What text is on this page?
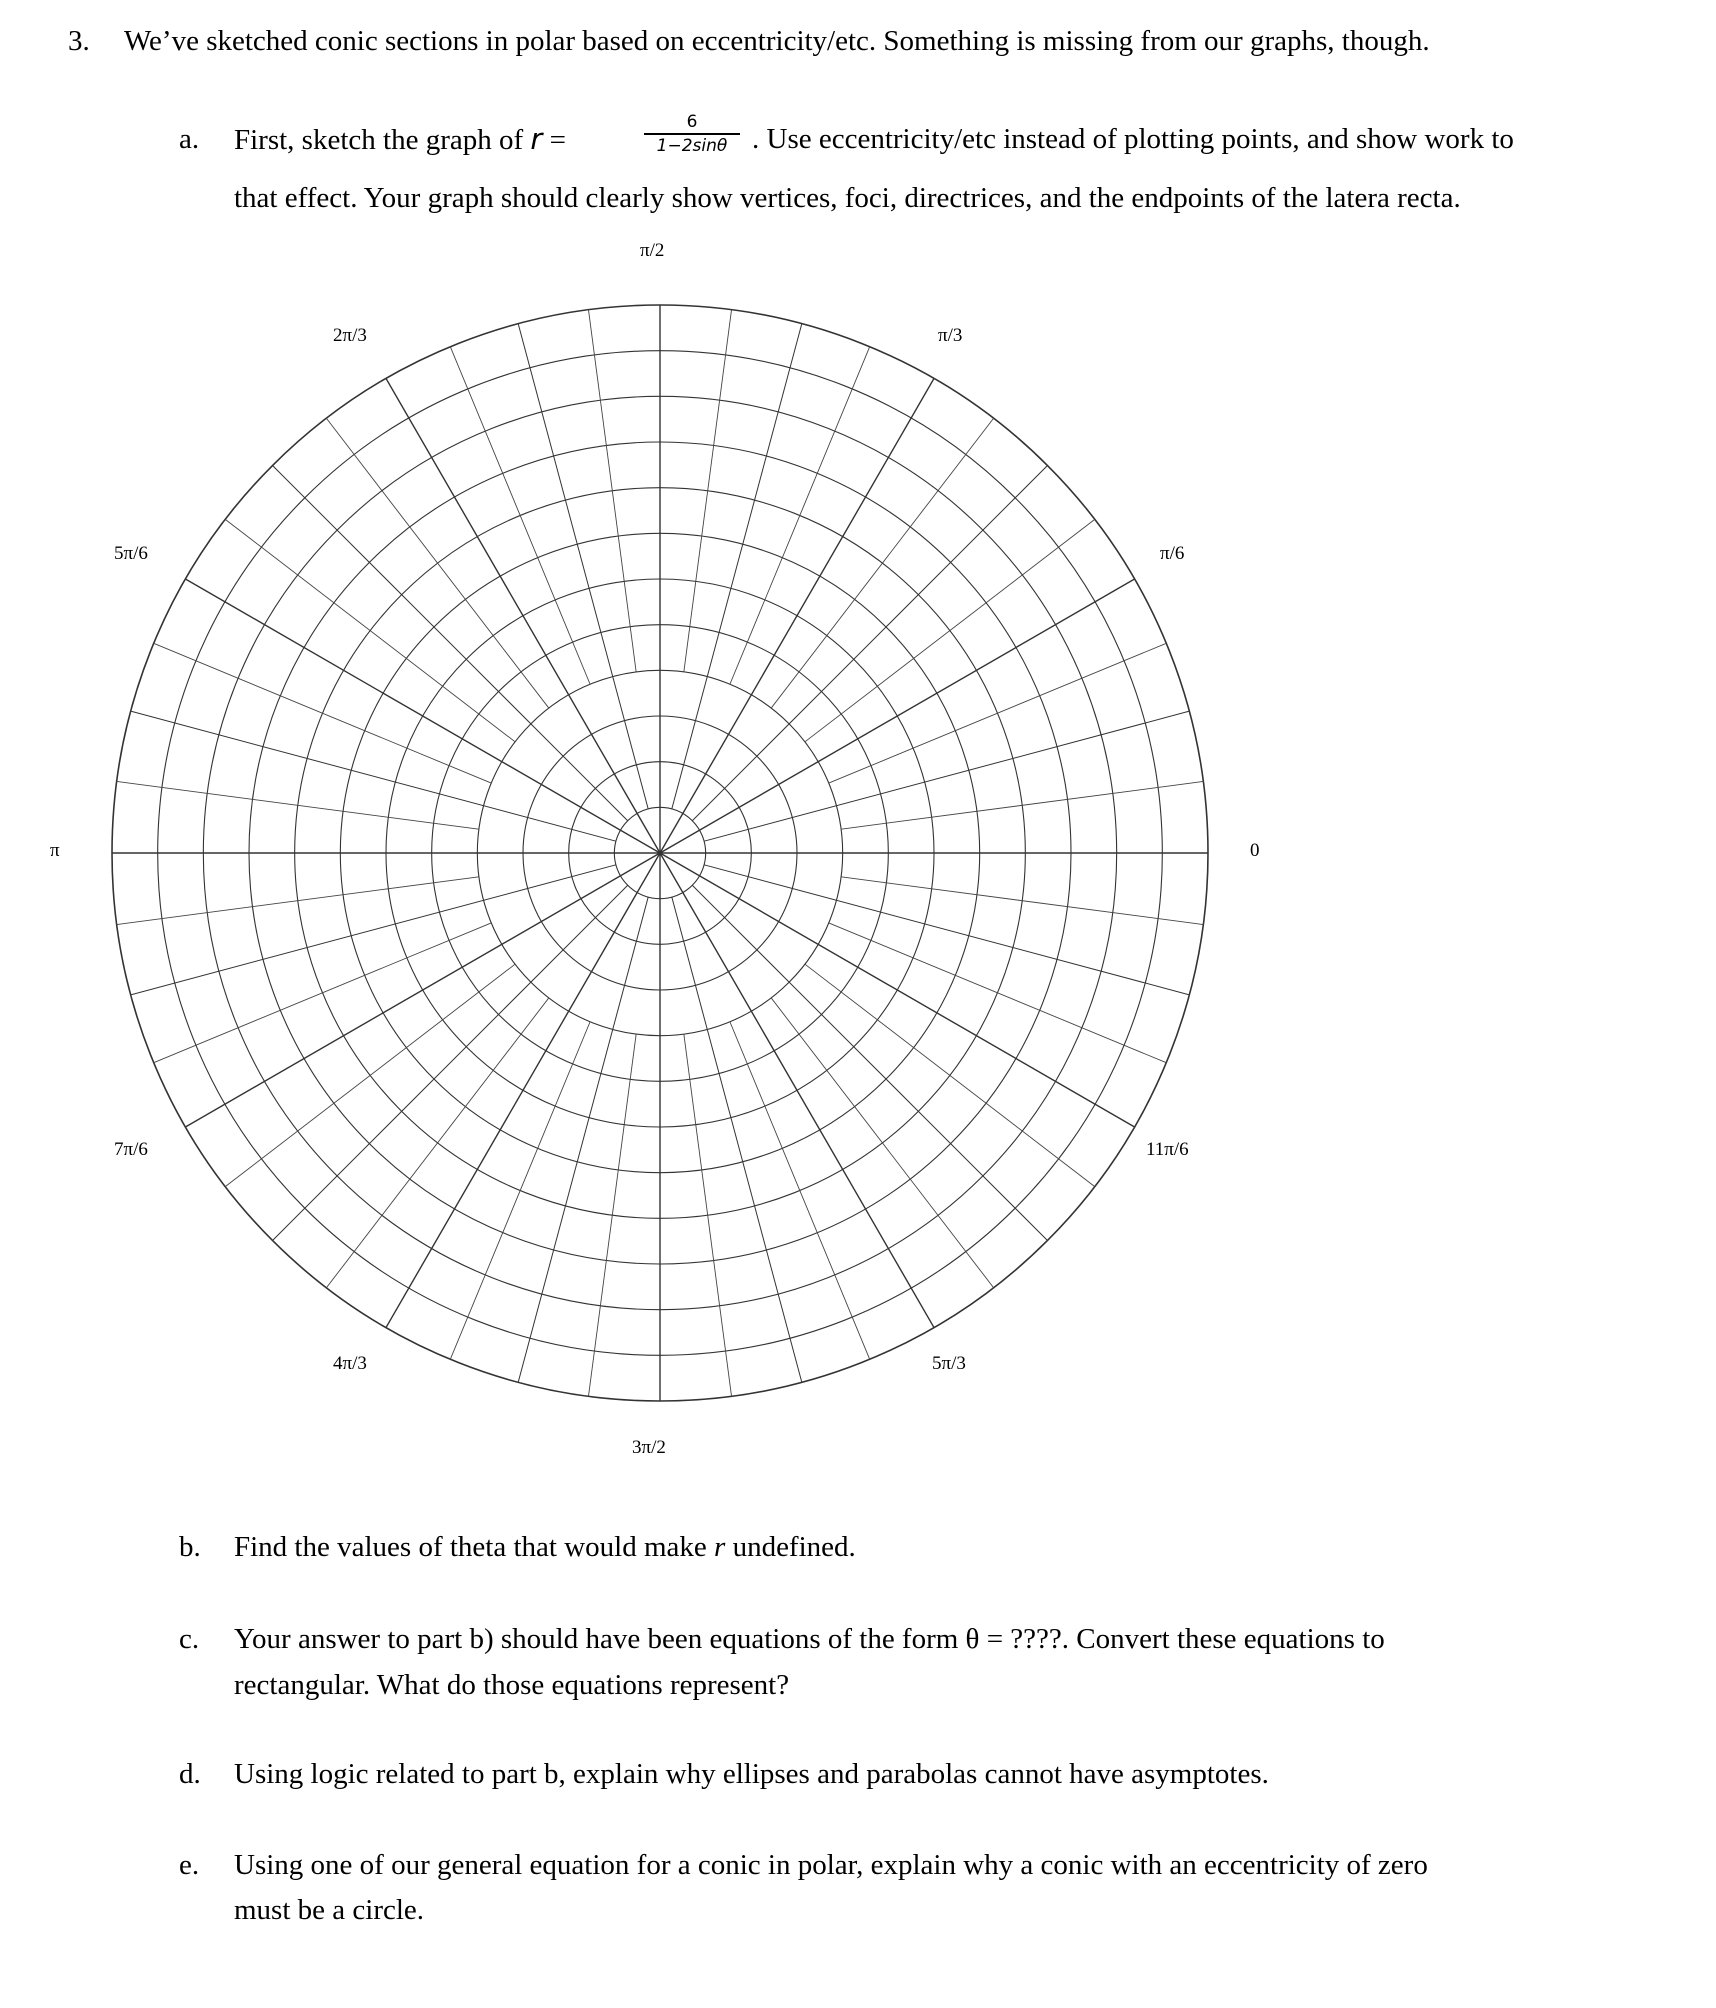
3. We’ve sketched conic sections in polar based on eccentricity/etc. Something is missing from our graphs, though.
a. First, sketch the graph of r =
6
1−2sinθ . Use eccentricity/etc instead of plotting points, and show work to
that effect. Your graph should clearly show vertices, foci, directrices, and the endpoints of the latera recta.
π/2
2π/3	π/3
5π/6	π/6
π	0
7π/6	11π/6
4π/3	5π/3
3π/2
b. Find the values of theta that would make r undefined.
c. Your answer to part b) should have been equations of the form θ = ????. Convert these equations to
rectangular. What do those equations represent?
d. Using logic related to part b, explain why ellipses and parabolas cannot have asymptotes.
e. Using one of our general equation for a conic in polar, explain why a conic with an eccentricity of zero
must be a circle.
